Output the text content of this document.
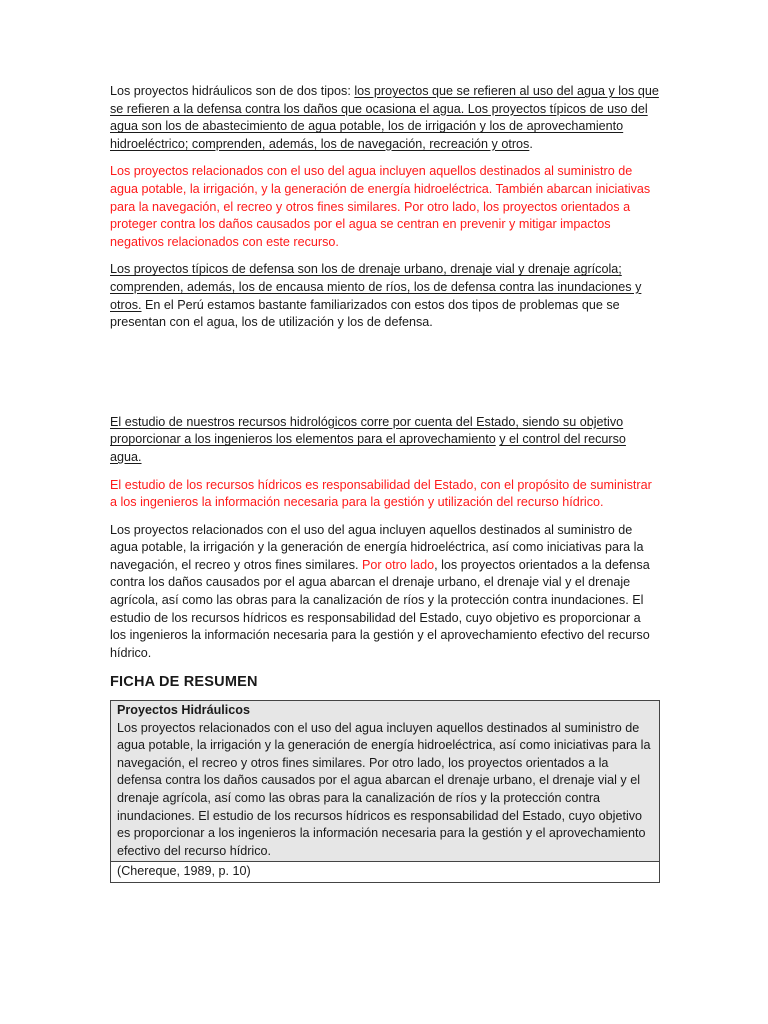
Los proyectos hidráulicos son de dos tipos: los proyectos que se refieren al uso del agua y los que se refieren a la defensa contra los daños que ocasiona el agua. Los proyectos típicos de uso del agua son los de abastecimiento de agua potable, los de irrigación y los de aprovechamiento hidroeléctrico; comprenden, además, los de navegación, recreación y otros.

Los proyectos relacionados con el uso del agua incluyen aquellos destinados al suministro de agua potable, la irrigación, y la generación de energía hidroeléctrica. También abarcan iniciativas para la navegación, el recreo y otros fines similares. Por otro lado, los proyectos orientados a proteger contra los daños causados por el agua se centran en prevenir y mitigar impactos negativos relacionados con este recurso.

Los proyectos típicos de defensa son los de drenaje urbano, drenaje vial y drenaje agrícola; comprenden, además, los de encausa miento de ríos, los de defensa contra las inundaciones y otros. En el Perú estamos bastante familiarizados con estos dos tipos de problemas que se presentan con el agua, los de utilización y los de defensa.

El estudio de nuestros recursos hidrológicos corre por cuenta del Estado, siendo su objetivo proporcionar a los ingenieros los elementos para el aprovechamiento y el control del recurso agua.

El estudio de los recursos hídricos es responsabilidad del Estado, con el propósito de suministrar a los ingenieros la información necesaria para la gestión y utilización del recurso hídrico.

Los proyectos relacionados con el uso del agua incluyen aquellos destinados al suministro de agua potable, la irrigación y la generación de energía hidroeléctrica, así como iniciativas para la navegación, el recreo y otros fines similares. Por otro lado, los proyectos orientados a la defensa contra los daños causados por el agua abarcan el drenaje urbano, el drenaje vial y el drenaje agrícola, así como las obras para la canalización de ríos y la protección contra inundaciones. El estudio de los recursos hídricos es responsabilidad del Estado, cuyo objetivo es proporcionar a los ingenieros la información necesaria para la gestión y el aprovechamiento efectivo del recurso hídrico.

FICHA DE RESUMEN
Proyectos Hidráulicos
Los proyectos relacionados con el uso del agua incluyen aquellos destinados al suministro de agua potable, la irrigación y la generación de energía hidroeléctrica, así como iniciativas para la navegación, el recreo y otros fines similares. Por otro lado, los proyectos orientados a la defensa contra los daños causados por el agua abarcan el drenaje urbano, el drenaje vial y el drenaje agrícola, así como las obras para la canalización de ríos y la protección contra inundaciones. El estudio de los recursos hídricos es responsabilidad del Estado, cuyo objetivo es proporcionar a los ingenieros la información necesaria para la gestión y el aprovechamiento efectivo del recurso hídrico.
(Chereque, 1989, p. 10)
